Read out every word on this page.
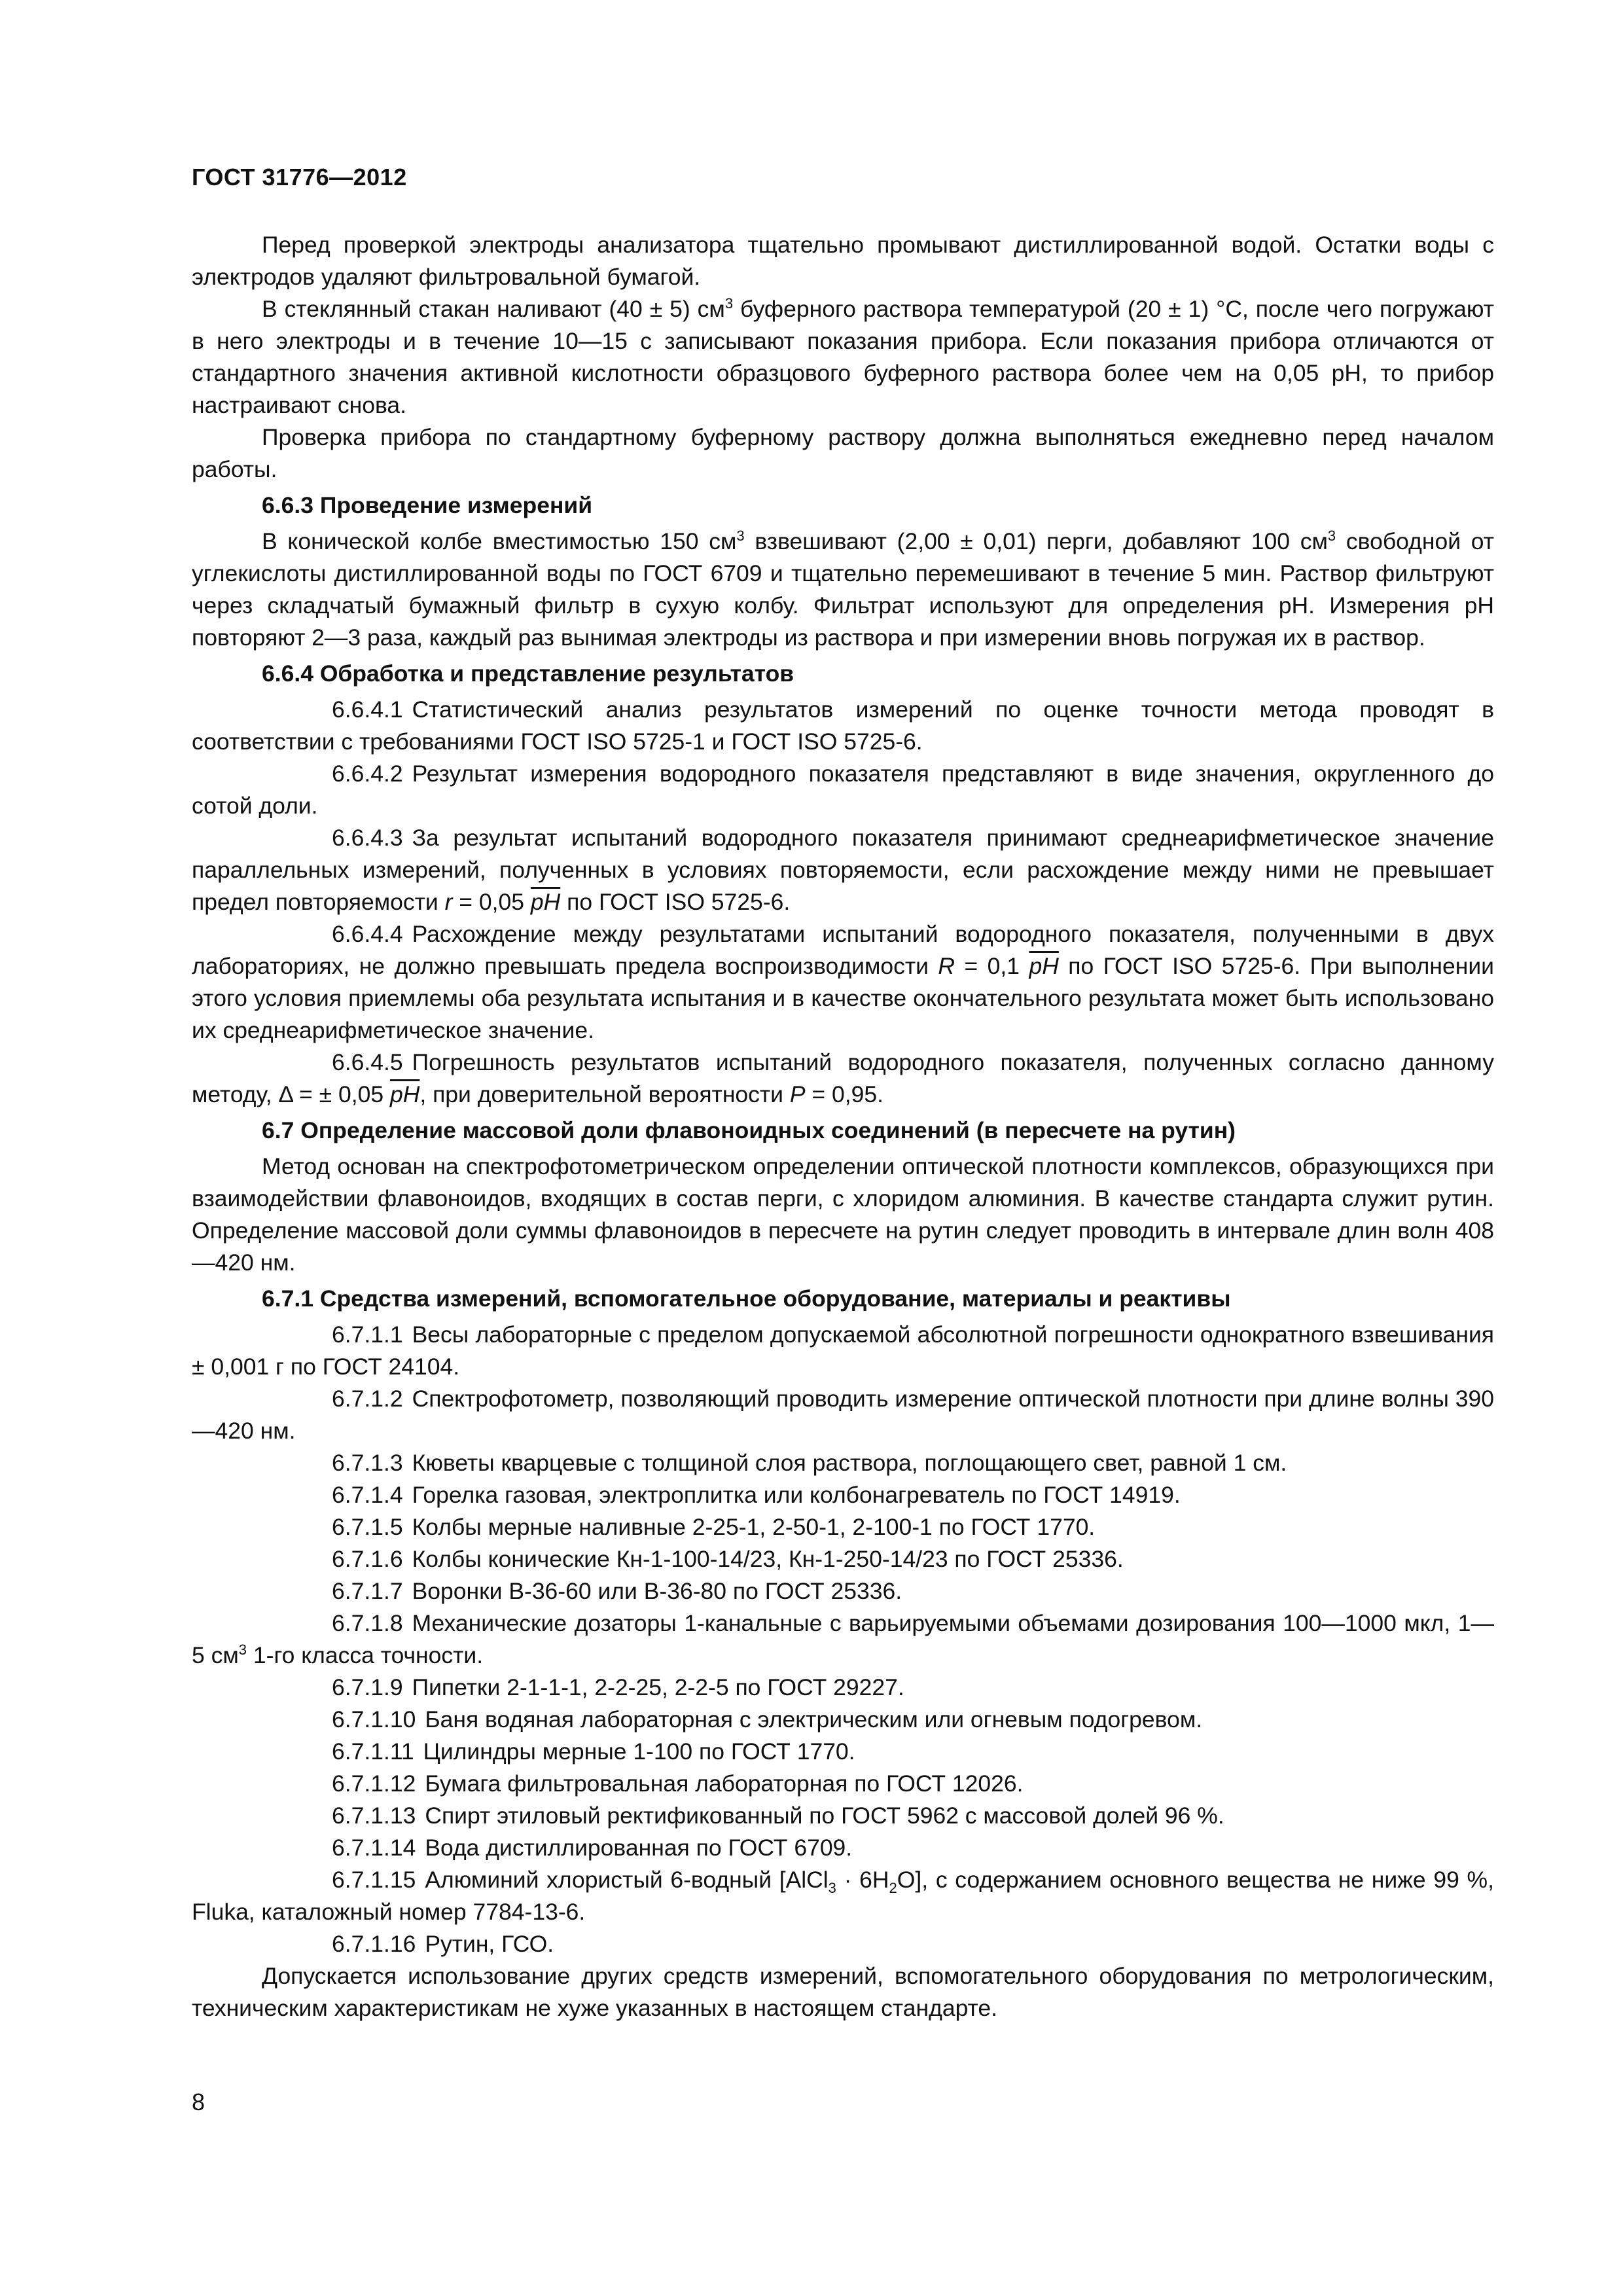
ГОСТ 31776—2012

Перед проверкой электроды анализатора тщательно промывают дистиллированной водой. Остатки воды с электродов удаляют фильтровальной бумагой.

В стеклянный стакан наливают (40 ± 5) $см^3$ буферного раствора температурой (20 ± 1) °С, после чего погружают в него электроды и в течение 10—15 с записывают показания прибора. Если показания прибора отличаются от стандартного значения активной кислотности образцового буферного раствора более чем на 0,05 pH, то прибор настраивают снова.

Проверка прибора по стандартному буферному раствору должна выполняться ежедневно перед началом работы.

6.6.3 Проведение измерений

В конической колбе вместимостью 150 $см^3$ взвешивают (2,00 ± 0,01) перги, добавляют 100 $см^3$ свободной от углекислоты дистиллированной воды по ГОСТ 6709 и тщательно перемешивают в течение 5 мин. Раствор фильтруют через складчатый бумажный фильтр в сухую колбу. Фильтрат используют для определения pH. Измерения pH повторяют 2—3 раза, каждый раз вынимая электроды из раствора и при измерении вновь погружая их в раствор.

6.6.4 Обработка и представление результатов

6.6.4.1 Статистический анализ результатов измерений по оценке точности метода проводят в соответствии с требованиями ГОСТ ISO 5725-1 и ГОСТ ISO 5725-6.

6.6.4.2 Результат измерения водородного показателя представляют в виде значения, округленного до сотой доли.

6.6.4.3 За результат испытаний водородного показателя принимают среднеарифметическое значение параллельных измерений, полученных в условиях повторяемости, если расхождение между ними не превышает предел повторяемости r = 0,05 $\overline{pH}$ по ГОСТ ISO 5725-6.

6.6.4.4 Расхождение между результатами испытаний водородного показателя, полученными в двух лабораториях, не должно превышать предела воспроизводимости R = 0,1 $\overline{pH}$ по ГОСТ ISO 5725-6. При выполнении этого условия приемлемы оба результата испытания и в качестве окончательного результата может быть использовано их среднеарифметическое значение.

6.6.4.5 Погрешность результатов испытаний водородного показателя, полученных согласно данному методу, Δ = ± 0,05 $\overline{pH}$, при доверительной вероятности P = 0,95.

6.7 Определение массовой доли флавоноидных соединений (в пересчете на рутин)

Метод основан на спектрофотометрическом определении оптической плотности комплексов, образующихся при взаимодействии флавоноидов, входящих в состав перги, с хлоридом алюминия. В качестве стандарта служит рутин. Определение массовой доли суммы флавоноидов в пересчете на рутин следует проводить в интервале длин волн 408—420 нм.

6.7.1 Средства измерений, вспомогательное оборудование, материалы и реактивы

6.7.1.1 Весы лабораторные с пределом допускаемой абсолютной погрешности однократного взвешивания ± 0,001 г по ГОСТ 24104.

6.7.1.2 Спектрофотометр, позволяющий проводить измерение оптической плотности при длине волны 390—420 нм.

6.7.1.3 Кюветы кварцевые с толщиной слоя раствора, поглощающего свет, равной 1 см.

6.7.1.4 Горелка газовая, электроплитка или колбонагреватель по ГОСТ 14919.

6.7.1.5 Колбы мерные наливные 2-25-1, 2-50-1, 2-100-1 по ГОСТ 1770.

6.7.1.6 Колбы конические Кн-1-100-14/23, Кн-1-250-14/23 по ГОСТ 25336.

6.7.1.7 Воронки В-36-60 или В-36-80 по ГОСТ 25336.

6.7.1.8 Механические дозаторы 1-канальные с варьируемыми объемами дозирования 100—1000 мкл, 1—5 $см^3$ 1-го класса точности.

6.7.1.9 Пипетки 2-1-1-1, 2-2-25, 2-2-5 по ГОСТ 29227.

6.7.1.10 Баня водяная лабораторная с электрическим или огневым подогревом.

6.7.1.11 Цилиндры мерные 1-100 по ГОСТ 1770.

6.7.1.12 Бумага фильтровальная лабораторная по ГОСТ 12026.

6.7.1.13 Спирт этиловый ректификованный по ГОСТ 5962 с массовой долей 96 %.

6.7.1.14 Вода дистиллированная по ГОСТ 6709.

6.7.1.15 Алюминий хлористый 6-водный [AlCl$_3$ · $6H_2O$], с содержанием основного вещества не ниже 99 %, Fluka, каталожный номер 7784-13-6.

6.7.1.16 Рутин, ГСО.

Допускается использование других средств измерений, вспомогательного оборудования по метрологическим, техническим характеристикам не хуже указанных в настоящем стандарте.

8
